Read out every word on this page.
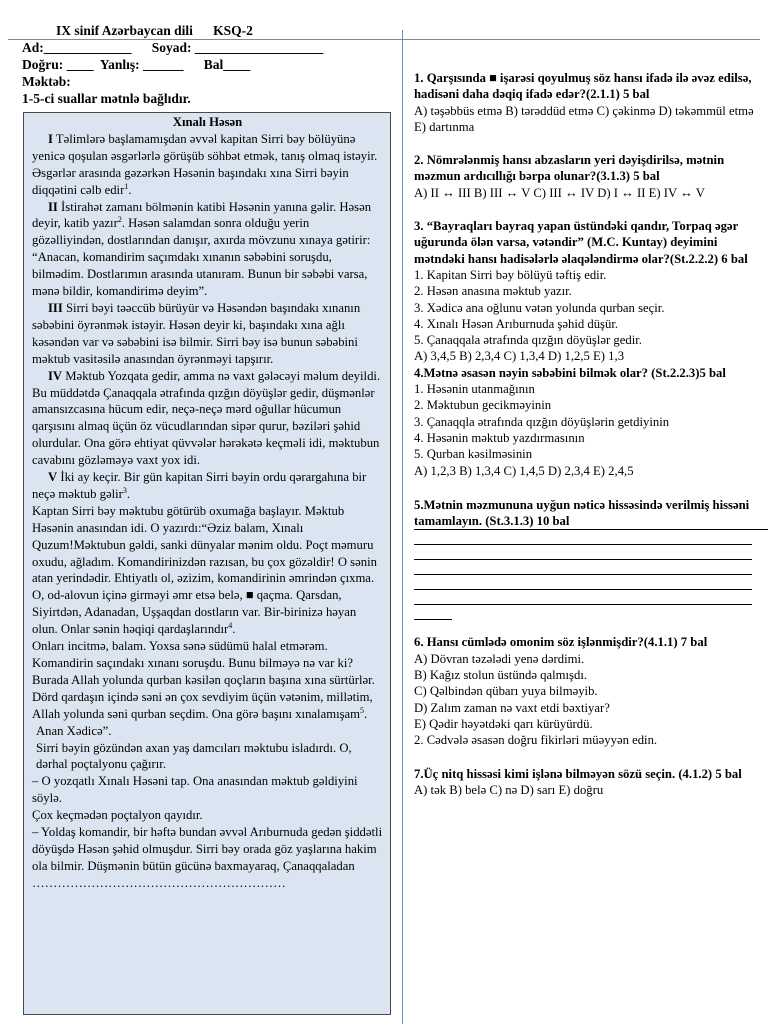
IX sinif Azərbaycan dili      KSQ-2
Ad:_____________      Soyad: ___________________
Doğru: ____  Yanlış: ______      Bal____
Məktəb:
1-5-ci suallar mətnlə bağlıdır.
Xınalı Həsən

I Təlimlərə başlamamışdan əvvəl kapitan Sirri bəy bölüyünə yenicə qoşulan əsgərlərlə görüşüb söhbət etmək, tanış olmaq istəyir. Əsgərlər arasında gəzərkən Həsənin başındakı xına Sirri bəyin diqqətini cəlb edir$^1$.

II İstirahət zamanı bölmənin katibi Həsənin yanına gəlir. Həsən deyir, katib yazır$^2$. Həsən salamdan sonra olduğu yerin gözəlliyindən, dostlarından danışır, axırda mövzunu xınaya gətirir: “Anacan, komandirim saçımdakı xınanın səbəbini soruşdu, bilmədim. Dostlarımın arasında utanıram. Bunun bir səbəbi varsa, mənə bildir, komandirimə deyim”.

III Sirri bəyi təəccüb bürüyür və Həsəndən başındakı xınanın səbəbini öyrənmək istəyir. Həsən deyir ki, başındakı xına ağlı kəsəndən var və səbəbini isə bilmir. Sirri bəy isə bunun səbəbini məktub vasitəsilə anasından öyrənməyi tapşırır.

IV Məktub Yozqata gedir, amma nə vaxt gələcəyi məlum deyildi. Bu müddətdə Çanaqqala ətrafında qızğın döyüşlər gedir, düşmənlər amansızcasına hücum edir, neçə-neçə mərd oğullar hücumun qarşısını almaq üçün öz vücudlarından sipər qurur, bəziləri şəhid olurdular. Ona görə ehtiyat qüvvələr hərəkətə keçməli idi, məktubun cavabını gözləməyə vaxt yox idi.

V İki ay keçir. Bir gün kapitan Sirri bəyin ordu qərargahına bir neçə məktub gəlir$^3$.

Kaptan Sirri bəy məktubu götürüb oxumağa başlayır. Məktub Həsənin anasından idi. O yazırdı:“Əziz balam, Xınalı Quzum!Məktubun gəldi, sanki dünyalar mənim oldu. Poçt məmuru oxudu, ağladım. Komandirinizdən razısan, bu çox gözəldir! O sənin atan yerindədir. Ehtiyatlı ol, əzizim, komandirinin əmrindən çıxma. O, od-alovun içinə girməyi əmr etsə belə, ■ qaçma. Qarsdan, Siyirtdən, Adanadan, Uşşaqdan dostların var. Bir-birinizə həyan olun. Onlar sənin həqiqi qardaşlarındır$^4$.

Onları incitmə, balam. Yoxsa sənə südümü halal etmərəm. Komandirin saçındakı xınanı soruşdu. Bunu bilməyə nə var ki? Burada Allah yolunda qurban kəsilən qoçların başına xına sürtürlər. Dörd qardaşın içində səni ən çox sevdiyim üçün vətənim, millətim, Allah yolunda səni qurban seçdim. Ona görə başını xınalamışam$^5$.

Anan Xədicə”.

Sirri bəyin gözündən axan yaş damcıları məktubu isladırdı. O, dərhal poçtalyonu çağırır.

– O yozqatlı Xınalı Həsəni tap. Ona anasından məktub gəldiyini söylə.

Çox keçmədən poçtalyon qayıdır.

– Yoldaş komandir, bir həftə bundan əvvəl Arıburnuda gedən şiddətli döyüşdə Həsən şəhid olmuşdur. Sirri bəy orada göz yaşlarına hakim ola bilmir. Düşmənin bütün gücünə baxmayaraq, Çanaqqaladan

……………………………………………………

1. Qarşısında ■ işarəsi qoyulmuş söz hansı ifadə ilə əvəz edilsə, hadisəni daha dəqiq ifadə edər?(2.1.1) 5 bal

A) təşəbbüs etmə B) tərəddüd etmə C) çəkinmə D) təkəmmül etmə E) dartınma

2. Nömrələnmiş hansı abzasların yeri dəyişdirilsə, mətnin məzmun ardıcıllığı bərpa olunar?(3.1.3) 5 bal

A) II ↔ III B) III ↔ V C) III ↔ IV D) I ↔ II E) IV ↔ V

3. “Bayraqları bayraq yapan üstündəki qandır, Torpaq əgər uğurunda ölən varsa, vətəndir” (M.C. Kuntay) deyimini mətndəki hansı hadisələrlə əlaqələndirmə olar?(St.2.2.2) 6 bal

1. Kapitan Sirri bəy bölüyü təftiş edir.

2. Həsən anasına məktub yazır.

3. Xədicə ana oğlunu vətən yolunda qurban seçir.

4. Xınalı Həsən Arıburnuda şəhid düşür.

5. Çanaqqala ətrafında qızğın döyüşlər gedir.

A) 3,4,5 B) 2,3,4 C) 1,3,4 D) 1,2,5 E) 1,3

4.Mətnə əsasən nəyin səbəbini bilmək olar? (St.2.2.3)5 bal

1. Həsənin utanmağının

2. Məktubun gecikməyinin

3. Çanaqqla ətrafında qızğın döyüşlərin getdiyinin

4. Həsənin məktub yazdırmasının

5. Qurban kəsilməsinin

A) 1,2,3 B) 1,3,4 C) 1,4,5 D) 2,3,4 E) 2,4,5

5.Mətnin məzmununa uyğun nəticə hissəsində verilmiş hissəni tamamlayın. (St.3.1.3) 10 bal

6. Hansı cümlədə omonim söz işlənmişdir?(4.1.1) 7 bal

A) Dövran təzələdi yenə dərdimi.

B) Kağız stolun üstündə qalmışdı.

C) Qəlbindən qübarı yuya bilməyib.

D) Zalım zaman nə vaxt etdi bəxtiyar?

E) Qədir həyətdəki qarı kürüyürdü.

2. Cədvələ əsasən doğru fikirləri müəyyən edin.

7.Üç nitq hissəsi kimi işlənə bilməyən sözü seçin. (4.1.2) 5 bal

A) tək B) belə C) nə D) sarı E) doğru
